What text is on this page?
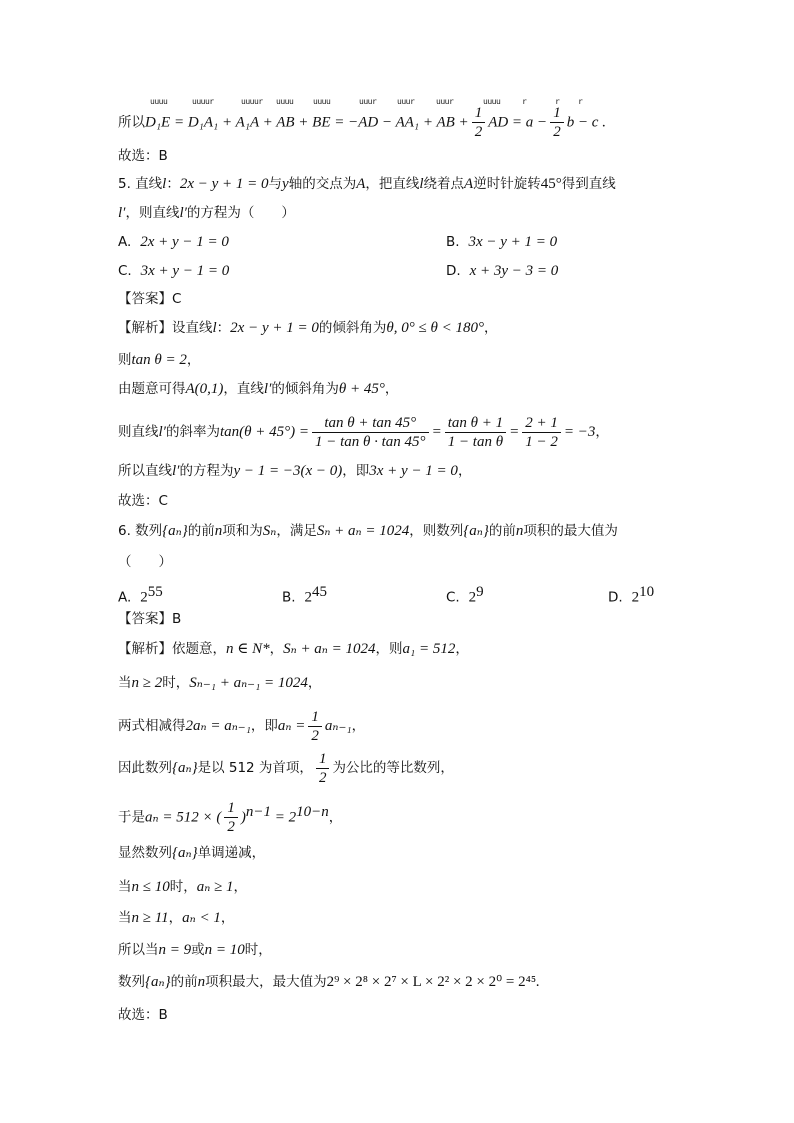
uuuu	uuuur	uuuur uuuu uuuu	uuur	uuur	uuur	uuuu	r	r r
所以D₁E = D₁A₁ + A₁A + AB + BE = −AD − AA₁ + AB + $\frac{1}{2}$ AD = $a - \frac{1}{2}$ b − c .
故选：B
5. 直线l：2x − y + 1 = 0与y轴的交点为A，把直线l绕着点A逆时针旋转45°得到直线
l′，则直线l′的方程为（　　）
A. 2x + y − 1 = 0	B. 3x − y + 1 = 0
C. 3x + y − 1 = 0	D. x + 3y − 3 = 0
【答案】C
【解析】设直线l：2x − y + 1 = 0的倾斜角为θ, 0° ≤ θ < 180°，
则tan θ = 2，
由题意可得A(0,1)，直线l′的倾斜角为θ + 45°，
则直线l′的斜率为$\tan(\theta + 45^\circ) = \frac{\text{tan θ + tan 45°}}{\text{1 − tan θ · tan 45°}} = \frac{\text{tan θ + 1}}{\text{1 − tan θ}} = \frac{2 + 1}{1 - 2} = -3$，
所以直线l′的方程为y − 1 = −3(x − 0)，即3x + y − 1 = 0，
故选：C
6. 数列{aₙ}的前n项和为Sₙ，满足Sₙ + aₙ = 1024，则数列{aₙ}的前n项积的最大值为
（　　）
A. $2^{55}$	B. $2^{45}$	C. $2^9$	D. $2^{10}$
【答案】B
【解析】依题意，n ∈ N*，Sₙ + aₙ = 1024，则a₁ = 512，
当n ≥ 2时，Sₙ₋₁ + aₙ₋₁ = 1024，
两式相减得2aₙ = aₙ₋₁，即$a_n = \frac{1}{2} a_{n-1}$，
因此数列{aₙ}是以 512 为首项， $\frac{1}{2}$ 为公比的等比数列，
于是aₙ = 512 × ( $\frac{1}{2} )^{n-1} = 2^{10-n}$，
显然数列{aₙ}单调递减，
当n ≤ 10时，aₙ ≥ 1，
当n ≥ 11，aₙ < 1，
所以当n = 9或n = 10时，
数列{aₙ}的前n项积最大，最大值为2⁹ × 2⁸ × 2⁷ × L × 2² × 2 × 2⁰ = 2⁴⁵.
故选：B
